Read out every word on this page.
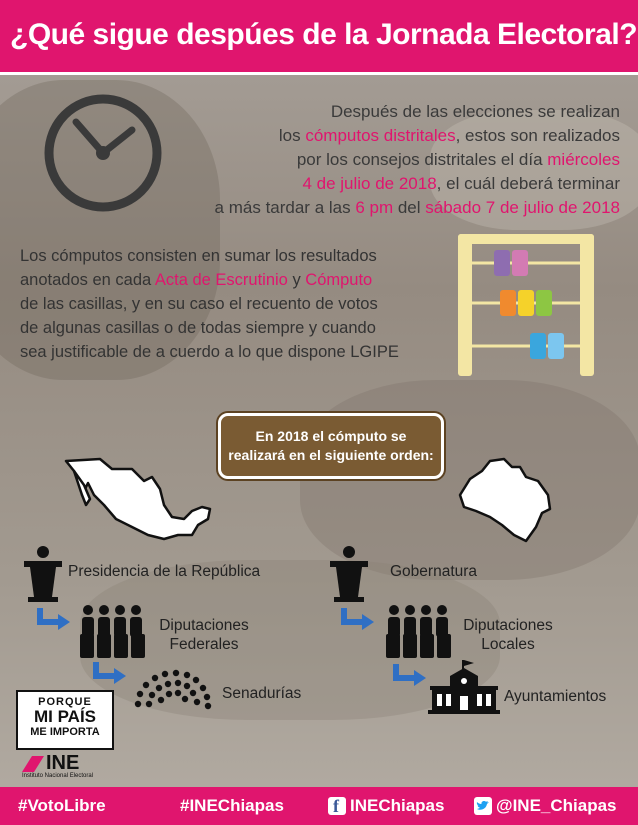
¿Qué sigue despúes de la Jornada Electoral?
Después de las elecciones se realizan
los cómputos distritales, estos son realizados
por los consejos distritales el día miércoles
4 de julio de 2018, el cuál deberá terminar
a más tardar a las 6 pm del sábado 7 de julio de 2018
Los cómputos consisten en sumar los resultados
anotados en cada Acta de Escrutinio y Cómputo
de las casillas, y en su caso el recuento de votos
de algunas casillas o de todas siempre y cuando
sea justificable de a cuerdo a lo que dispone LGIPE
En 2018 el cómputo se
realizará en el siguiente orden:
Presidencia de la República
Diputaciones
Federales
Senadurías
Gobernatura
Diputaciones
Locales
Ayuntamientos
PORQUE
MI PAÍS
ME IMPORTA
INE
Instituto Nacional Electoral
#VotoLibre	#INEChiapas	f INEChiapas	@INE_Chiapas
